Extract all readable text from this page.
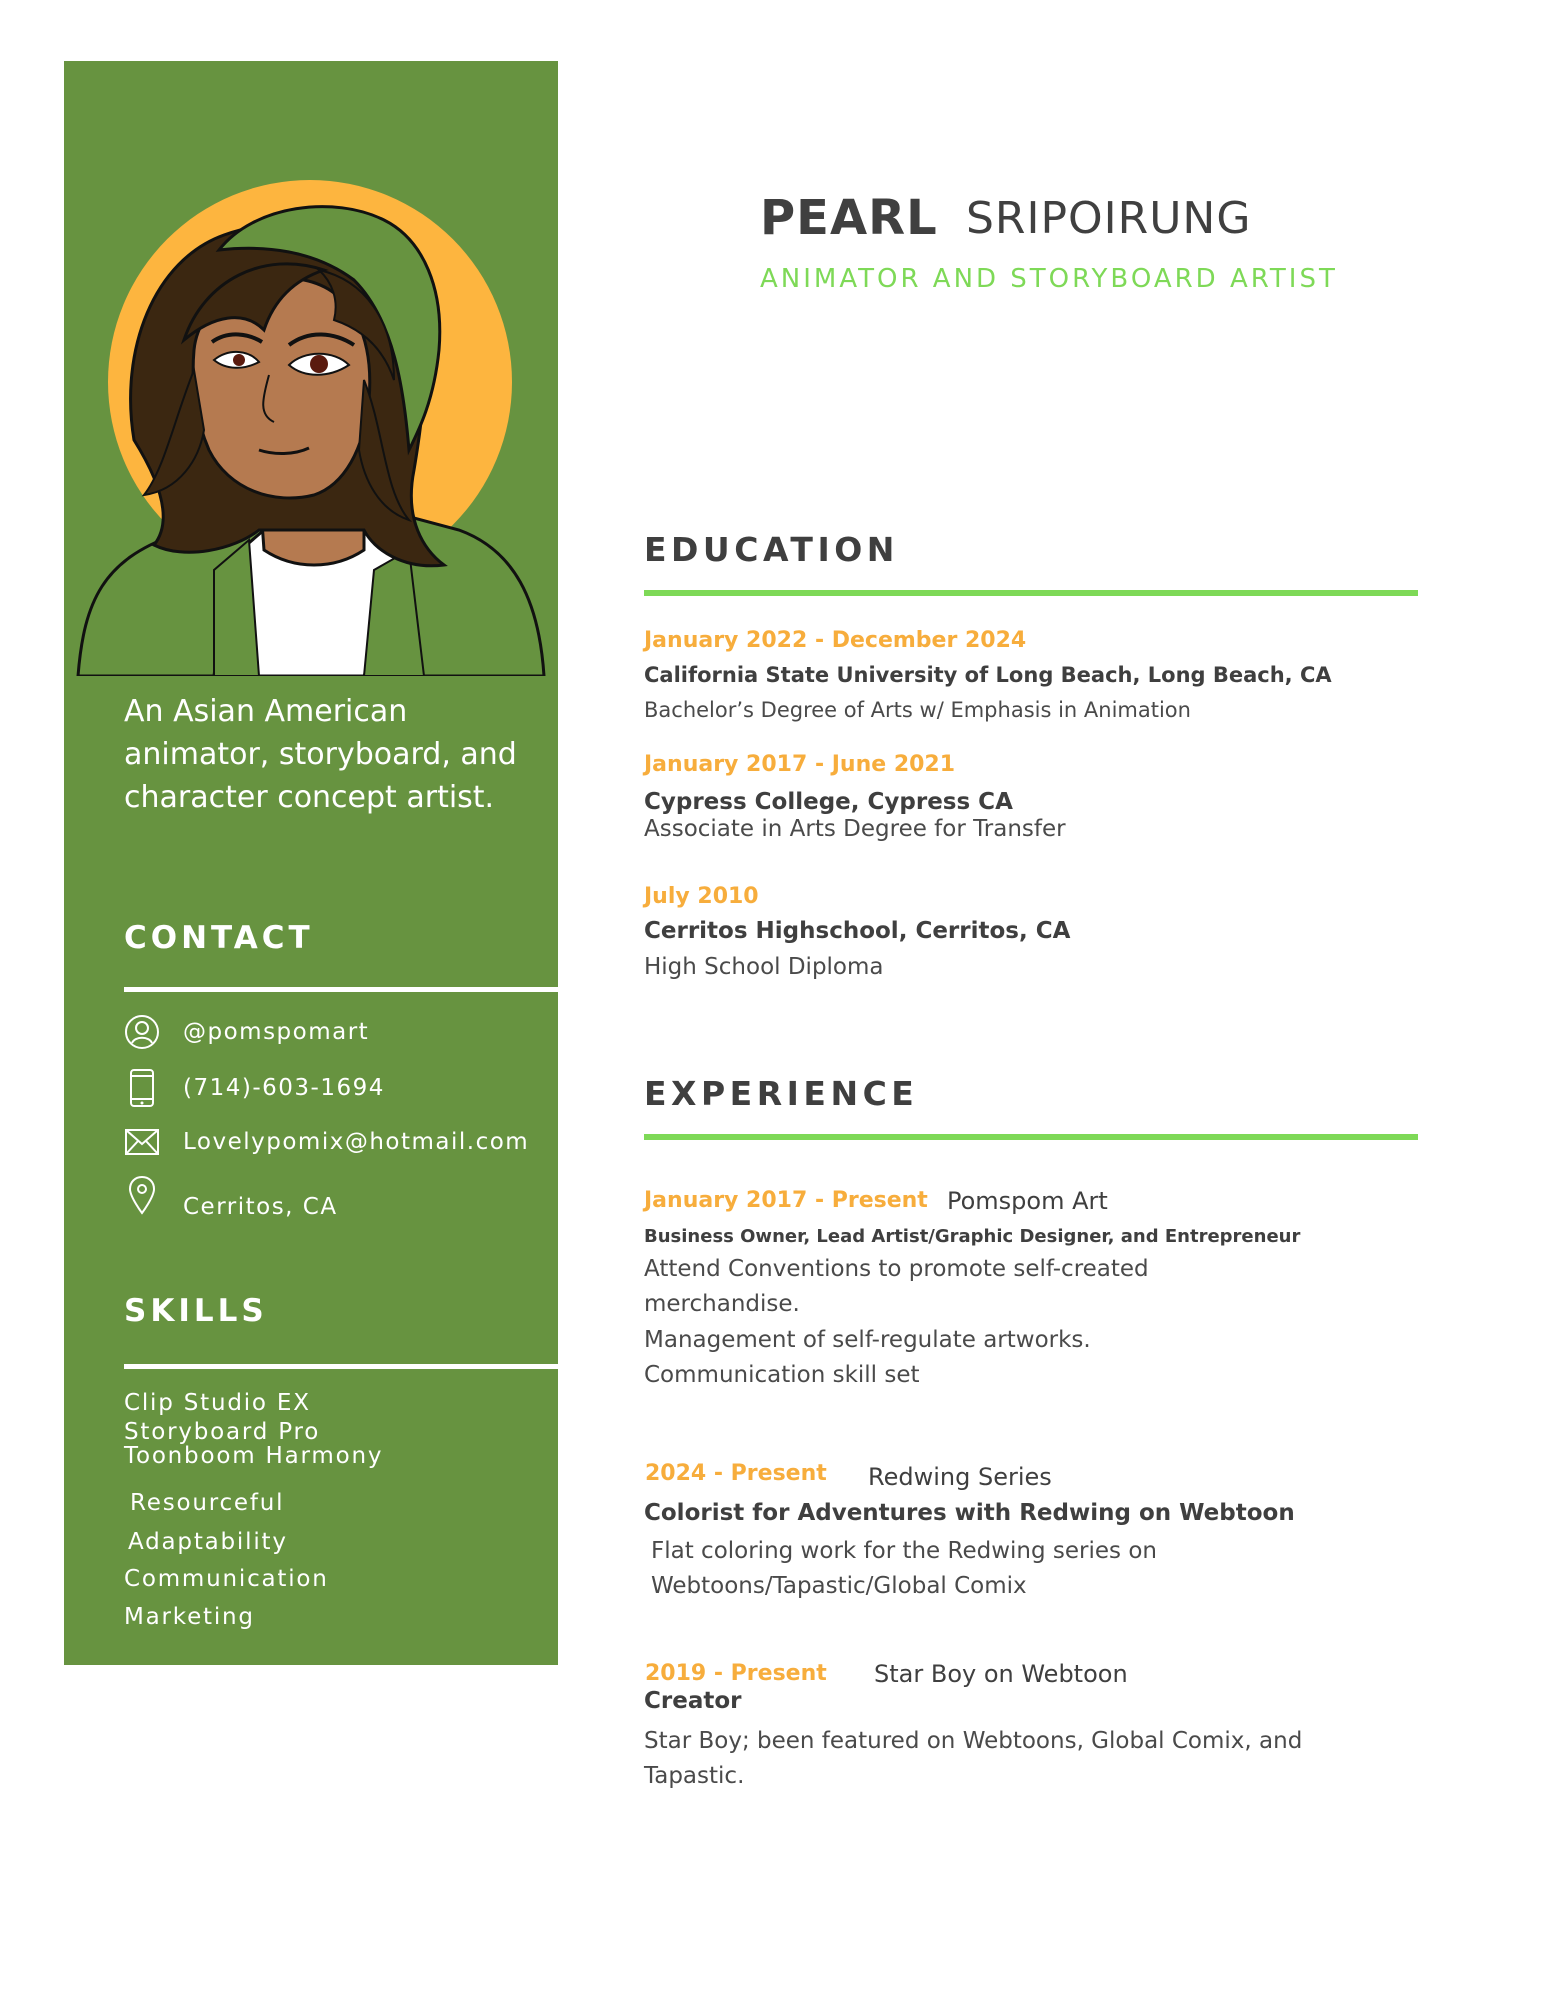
An Asian American animator, storyboard, and character concept artist.
CONTACT
@pomspomart
(714)-603-1694
Lovelypomix@hotmail.com
Cerritos, CA
SKILLS
Clip Studio EX
Storyboard Pro
Toonboom Harmony
Resourceful
Adaptability
Communication
Marketing
PEARL SRIPOIRUNG
ANIMATOR AND STORYBOARD ARTIST
EDUCATION
January 2022 - December 2024
California State University of Long Beach, Long Beach, CA
Bachelor’s Degree of Arts w/ Emphasis in Animation
January 2017 - June 2021
Cypress College, Cypress CA
Associate in Arts Degree for Transfer
July 2010
Cerritos Highschool, Cerritos, CA
High School Diploma
EXPERIENCE
January 2017 - Present Pomspom Art
Business Owner, Lead Artist/Graphic Designer, and Entrepreneur
Attend Conventions to promote self-created
merchandise.
Management of self-regulate artworks.
Communication skill set
2024 - Present Redwing Series
Colorist for Adventures with Redwing on Webtoon
Flat coloring work for the Redwing series on
Webtoons/Tapastic/Global Comix
2019 - Present Star Boy on Webtoon
Creator
Star Boy; been featured on Webtoons, Global Comix, and
Tapastic.
